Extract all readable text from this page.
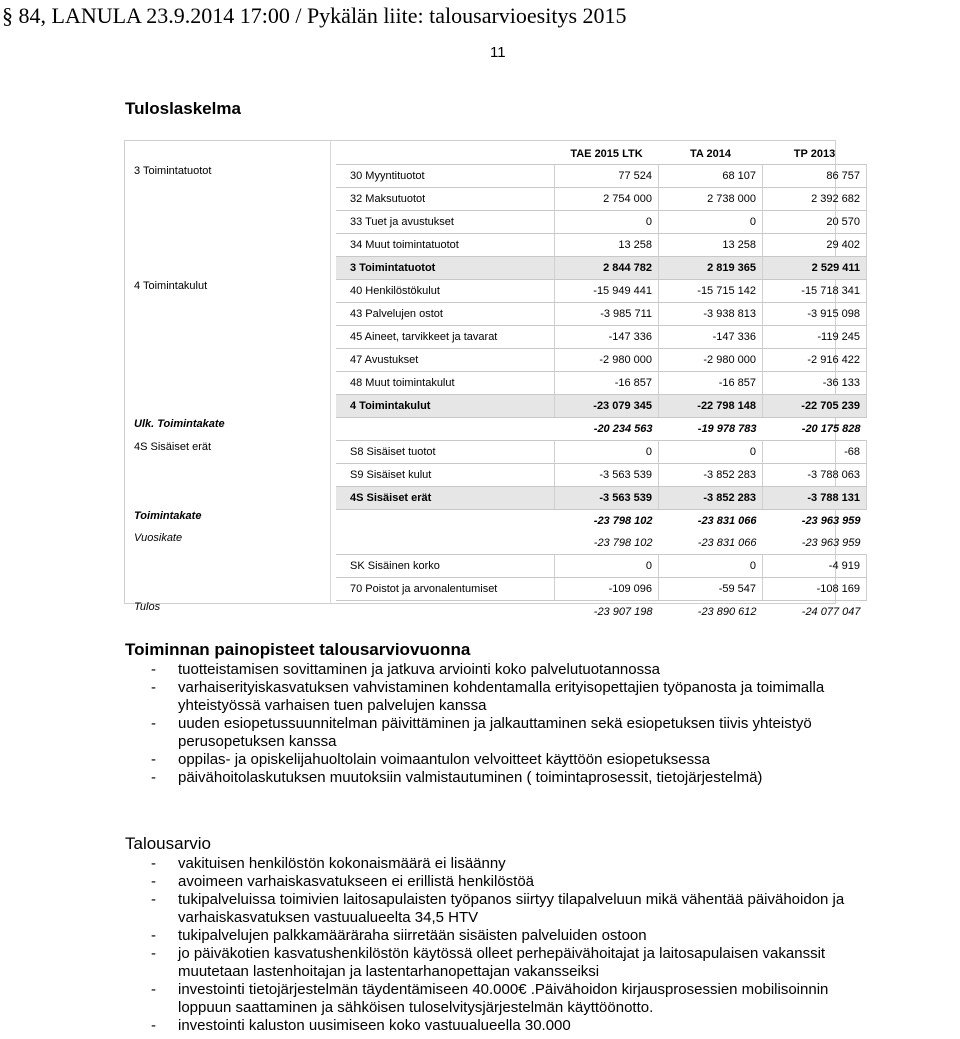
§ 84, LANULA 23.9.2014 17:00 / Pykälän liite: talousarvioesitys 2015
11
Tuloslaskelma
		TAE 2015 LTK	TA 2014	TP 2013
3 Toimintatuotot	30 Myyntituotot	77 524	68 107	86 757
	32 Maksutuotot	2 754 000	2 738 000	2 392 682
	33 Tuet ja avustukset	0	0	20 570
	34 Muut toimintatuotot	13 258	13 258	29 402
	3 Toimintatuotot	2 844 782	2 819 365	2 529 411
4 Toimintakulut	40 Henkilöstökulut	-15 949 441	-15 715 142	-15 718 341
	43 Palvelujen ostot	-3 985 711	-3 938 813	-3 915 098
	45 Aineet, tarvikkeet ja tavarat	-147 336	-147 336	-119 245
	47 Avustukset	-2 980 000	-2 980 000	-2 916 422
	48 Muut toimintakulut	-16 857	-16 857	-36 133
	4 Toimintakulut	-23 079 345	-22 798 148	-22 705 239
Ulk. Toimintakate		-20 234 563	-19 978 783	-20 175 828
4S Sisäiset erät	S8 Sisäiset tuotot	0	0	-68
	S9 Sisäiset kulut	-3 563 539	-3 852 283	-3 788 063
	4S Sisäiset erät	-3 563 539	-3 852 283	-3 788 131
Toimintakate		-23 798 102	-23 831 066	-23 963 959
Vuosikate		-23 798 102	-23 831 066	-23 963 959
	SK Sisäinen korko	0	0	-4 919
	70 Poistot ja arvonalentumiset	-109 096	-59 547	-108 169
Tulos		-23 907 198	-23 890 612	-24 077 047
Toiminnan painopisteet talousarviovuonna
- tuotteistamisen sovittaminen ja jatkuva arviointi koko palvelutuotannossa
- varhaiserityiskasvatuksen vahvistaminen kohdentamalla erityisopettajien työpanosta ja toimimalla yhteistyössä varhaisen tuen palvelujen kanssa
- uuden esiopetussuunnitelman päivittäminen ja jalkauttaminen sekä esiopetuksen tiivis yhteistyö perusopetuksen kanssa
- oppilas- ja opiskelijahuoltolain voimaantulon velvoitteet käyttöön esiopetuksessa
- päivähoitolaskutuksen muutoksiin valmistautuminen ( toimintaprosessit, tietojärjestelmä)
Talousarvio
- vakituisen henkilöstön kokonaismäärä ei lisäänny
- avoimeen varhaiskasvatukseen ei erillistä henkilöstöä
- tukipalveluissa toimivien laitosapulaisten työpanos siirtyy tilapalveluun mikä vähentää päivähoidon ja varhaiskasvatuksen vastuualueelta 34,5 HTV
- tukipalvelujen palkkamääräraha siirretään sisäisten palveluiden ostoon
- jo päiväkotien kasvatushenkilöstön käytössä olleet perhepäivähoitajat ja laitosapulaisen vakanssit muutetaan lastenhoitajan ja lastentarhanopettajan vakansseiksi
- investointi tietojärjestelmän täydentämiseen 40.000€ .Päivähoidon kirjausprosessien mobilisoinnin loppuun saattaminen ja sähköisen tuloselvitysjärjestelmän käyttöönotto.
- investointi kaluston uusimiseen koko vastuualueella 30.000
